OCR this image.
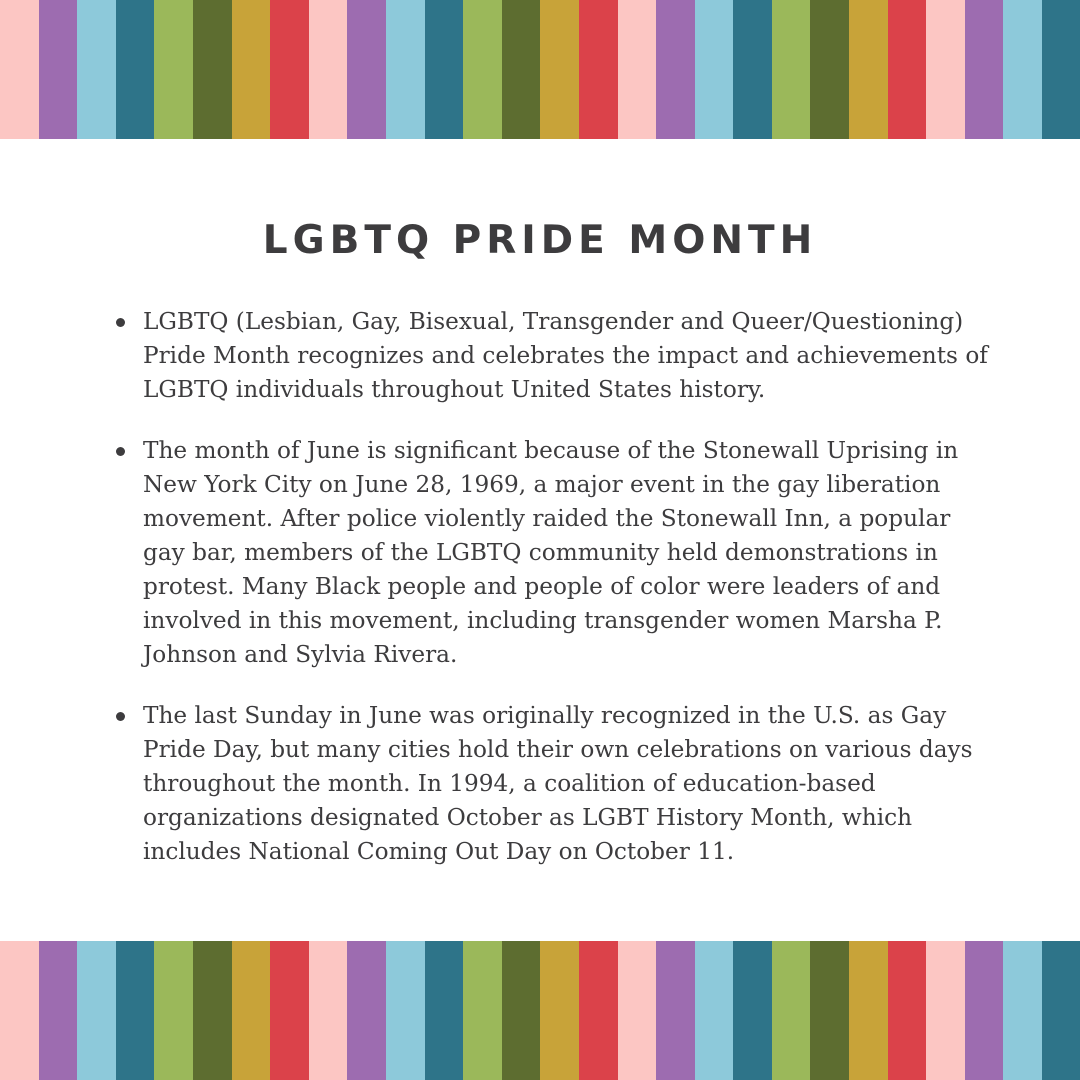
LGBTQ PRIDE MONTH
LGBTQ (Lesbian, Gay, Bisexual, Transgender and Queer/Questioning) Pride Month recognizes and celebrates the impact and achievements of LGBTQ individuals throughout United States history.
The month of June is significant because of the Stonewall Uprising in New York City on June 28, 1969, a major event in the gay liberation movement. After police violently raided the Stonewall Inn, a popular gay bar, members of the LGBTQ community held demonstrations in protest. Many Black people and people of color were leaders of and involved in this movement, including transgender women Marsha P. Johnson and Sylvia Rivera.
The last Sunday in June was originally recognized in the U.S. as Gay Pride Day, but many cities hold their own celebrations on various days throughout the month. In 1994, a coalition of education-based organizations designated October as LGBT History Month, which includes National Coming Out Day on October 11.
